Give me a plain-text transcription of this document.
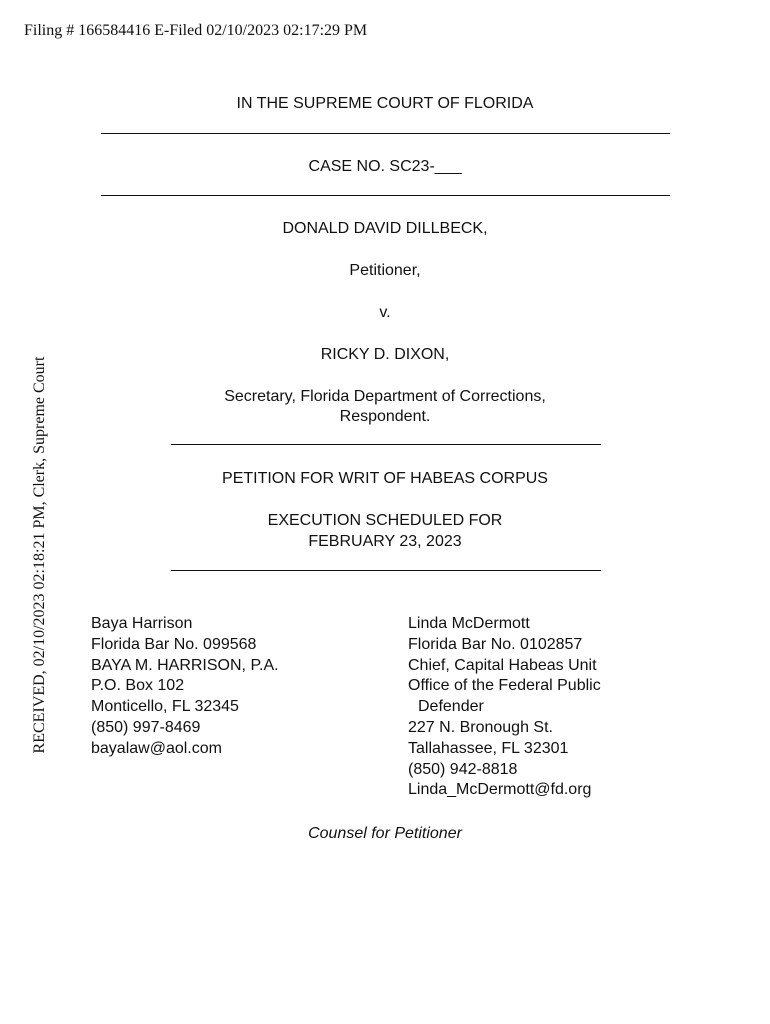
Filing # 166584416 E-Filed 02/10/2023 02:17:29 PM
RECEIVED, 02/10/2023 02:18:21 PM, Clerk, Supreme Court
IN THE SUPREME COURT OF FLORIDA
CASE NO. SC23-___
DONALD DAVID DILLBECK,
Petitioner,
v.
RICKY D. DIXON,
Secretary, Florida Department of Corrections,
Respondent.
PETITION FOR WRIT OF HABEAS CORPUS
EXECUTION SCHEDULED FOR
FEBRUARY 23, 2023
Baya Harrison
Florida Bar No. 099568
BAYA M. HARRISON, P.A.
P.O. Box 102
Monticello, FL 32345
(850) 997-8469
bayalaw@aol.com
Linda McDermott
Florida Bar No. 0102857
Chief, Capital Habeas Unit
Office of the Federal Public
Defender
227 N. Bronough St.
Tallahassee, FL 32301
(850) 942-8818
Linda_McDermott@fd.org
Counsel for Petitioner
